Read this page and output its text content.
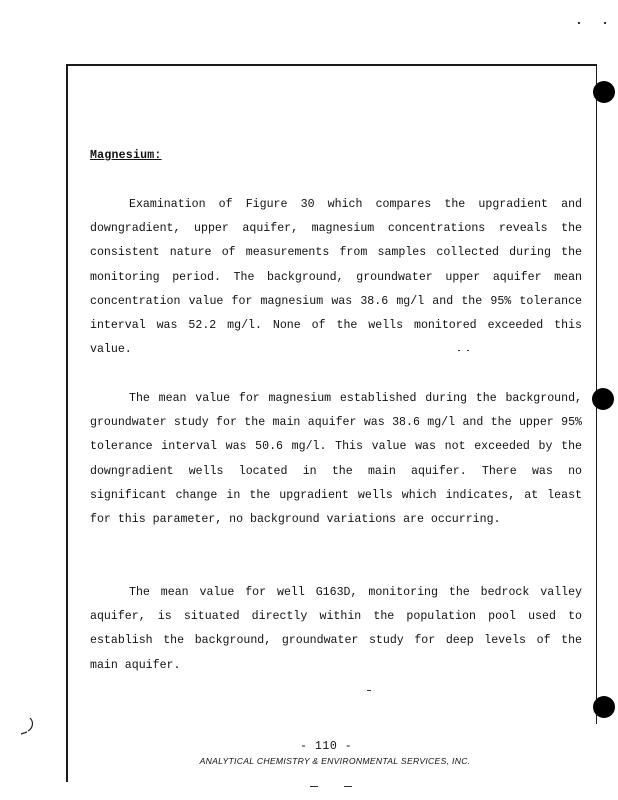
Magnesium:

Examination of Figure 30 which compares the upgradient and downgradient, upper aquifer, magnesium concentrations reveals the consistent nature of measurements from samples collected during the monitoring period. The background, groundwater upper aquifer mean concentration value for magnesium was 38.6 mg/l and the 95% tolerance interval was 52.2 mg/l. None of the wells monitored exceeded this value.

The mean value for magnesium established during the background, groundwater study for the main aquifer was 38.6 mg/l and the upper 95% tolerance interval was 50.6 mg/l. This value was not exceeded by the downgradient wells located in the main aquifer. There was no significant change in the upgradient wells which indicates, at least for this parameter, no background variations are occurring.

The mean value for well G163D, monitoring the bedrock valley aquifer, is situated directly within the population pool used to establish the background, groundwater study for deep levels of the main aquifer.

- 110 -
ANALYTICAL CHEMISTRY & ENVIRONMENTAL SERVICES, INC.
